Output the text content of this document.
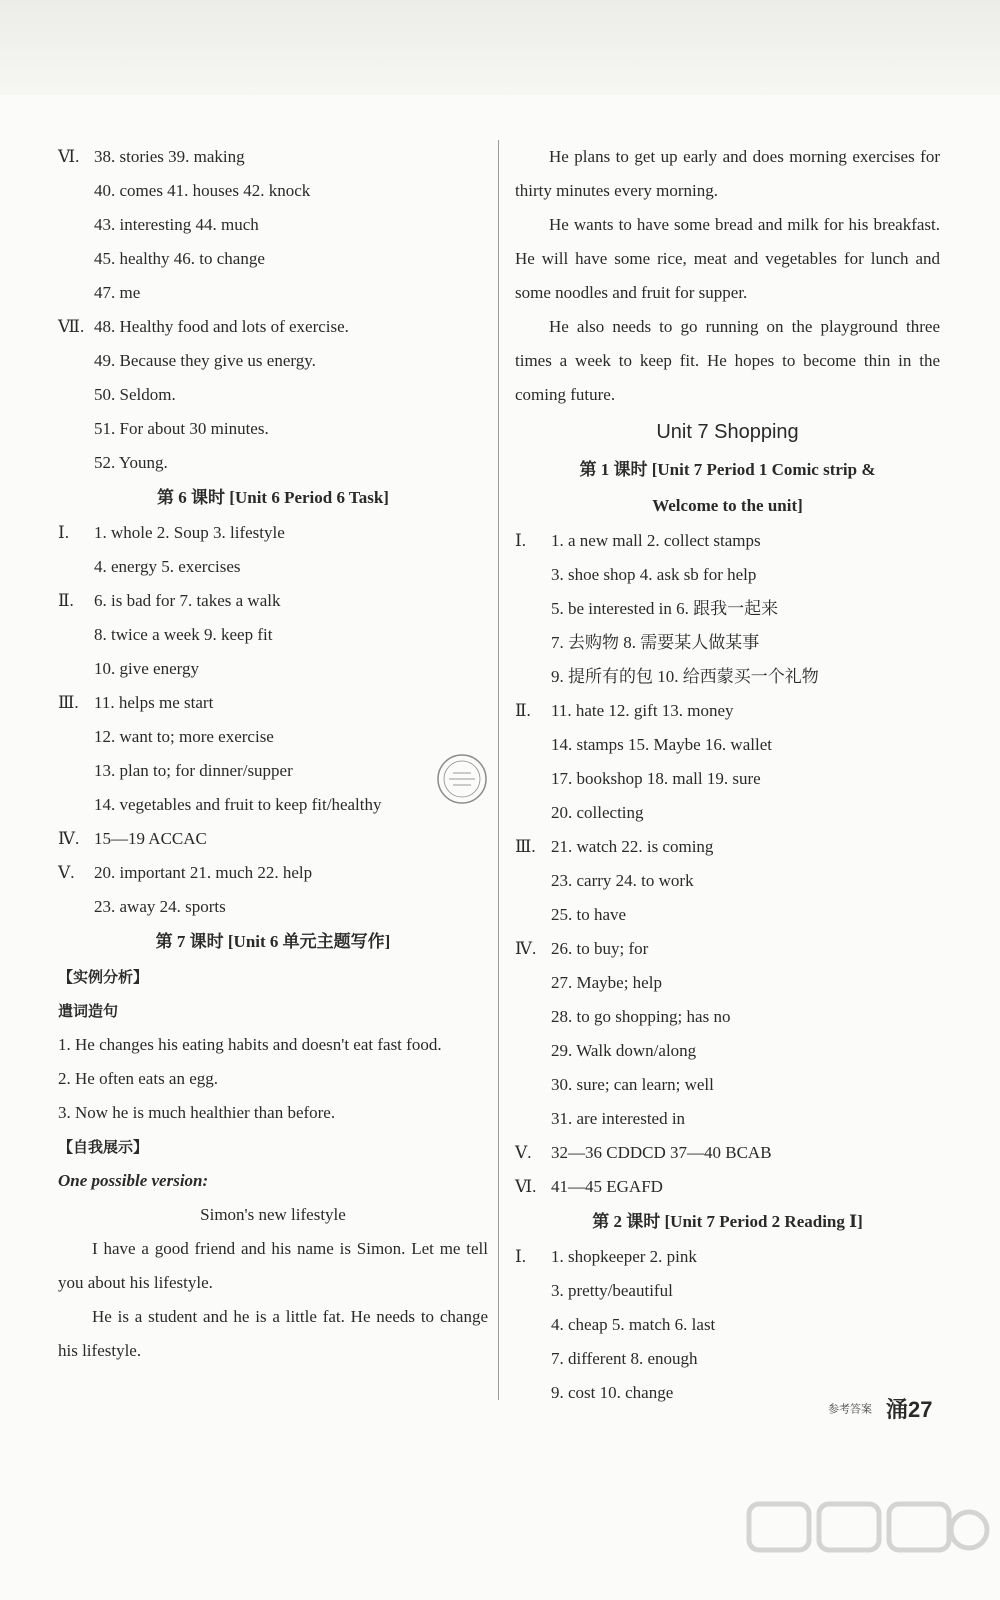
Ⅵ. 38. stories 39. making
40. comes 41. houses 42. knock
43. interesting 44. much
45. healthy 46. to change
47. me
Ⅶ. 48. Healthy food and lots of exercise.
49. Because they give us energy.
50. Seldom.
51. For about 30 minutes.
52. Young.
第 6 课时 [Unit 6 Period 6 Task]
Ⅰ. 1. whole 2. Soup 3. lifestyle
4. energy 5. exercises
Ⅱ. 6. is bad for 7. takes a walk
8. twice a week 9. keep fit
10. give energy
Ⅲ. 11. helps me start
12. want to; more exercise
13. plan to; for dinner/supper
14. vegetables and fruit to keep fit/healthy
Ⅳ. 15—19 ACCAC
Ⅴ. 20. important 21. much 22. help
23. away 24. sports
第 7 课时 [Unit 6 单元主题写作]
【实例分析】
遣词造句
1. He changes his eating habits and doesn't eat fast food.
2. He often eats an egg.
3. Now he is much healthier than before.
【自我展示】
One possible version:
Simon's new lifestyle
I have a good friend and his name is Simon. Let me tell you about his lifestyle.
He is a student and he is a little fat. He needs to change his lifestyle.
He plans to get up early and does morning exercises for thirty minutes every morning.
He wants to have some bread and milk for his breakfast. He will have some rice, meat and vegetables for lunch and some noodles and fruit for supper.
He also needs to go running on the playground three times a week to keep fit. He hopes to become thin in the coming future.
Unit 7 Shopping
第 1 课时 [Unit 7 Period 1 Comic strip &
Welcome to the unit]
Ⅰ. 1. a new mall 2. collect stamps
3. shoe shop 4. ask sb for help
5. be interested in 6. 跟我一起来
7. 去购物 8. 需要某人做某事
9. 提所有的包 10. 给西蒙买一个礼物
Ⅱ. 11. hate 12. gift 13. money
14. stamps 15. Maybe 16. wallet
17. bookshop 18. mall 19. sure
20. collecting
Ⅲ. 21. watch 22. is coming
23. carry 24. to work
25. to have
Ⅳ. 26. to buy; for
27. Maybe; help
28. to go shopping; has no
29. Walk down/along
30. sure; can learn; well
31. are interested in
Ⅴ. 32—36 CDDCD 37—40 BCAB
Ⅵ. 41—45 EGAFD
第 2 课时 [Unit 7 Period 2 Reading Ⅰ]
Ⅰ. 1. shopkeeper 2. pink
3. pretty/beautiful
4. cheap 5. match 6. last
7. different 8. enough
9. cost 10. change
参考答案 涌27
